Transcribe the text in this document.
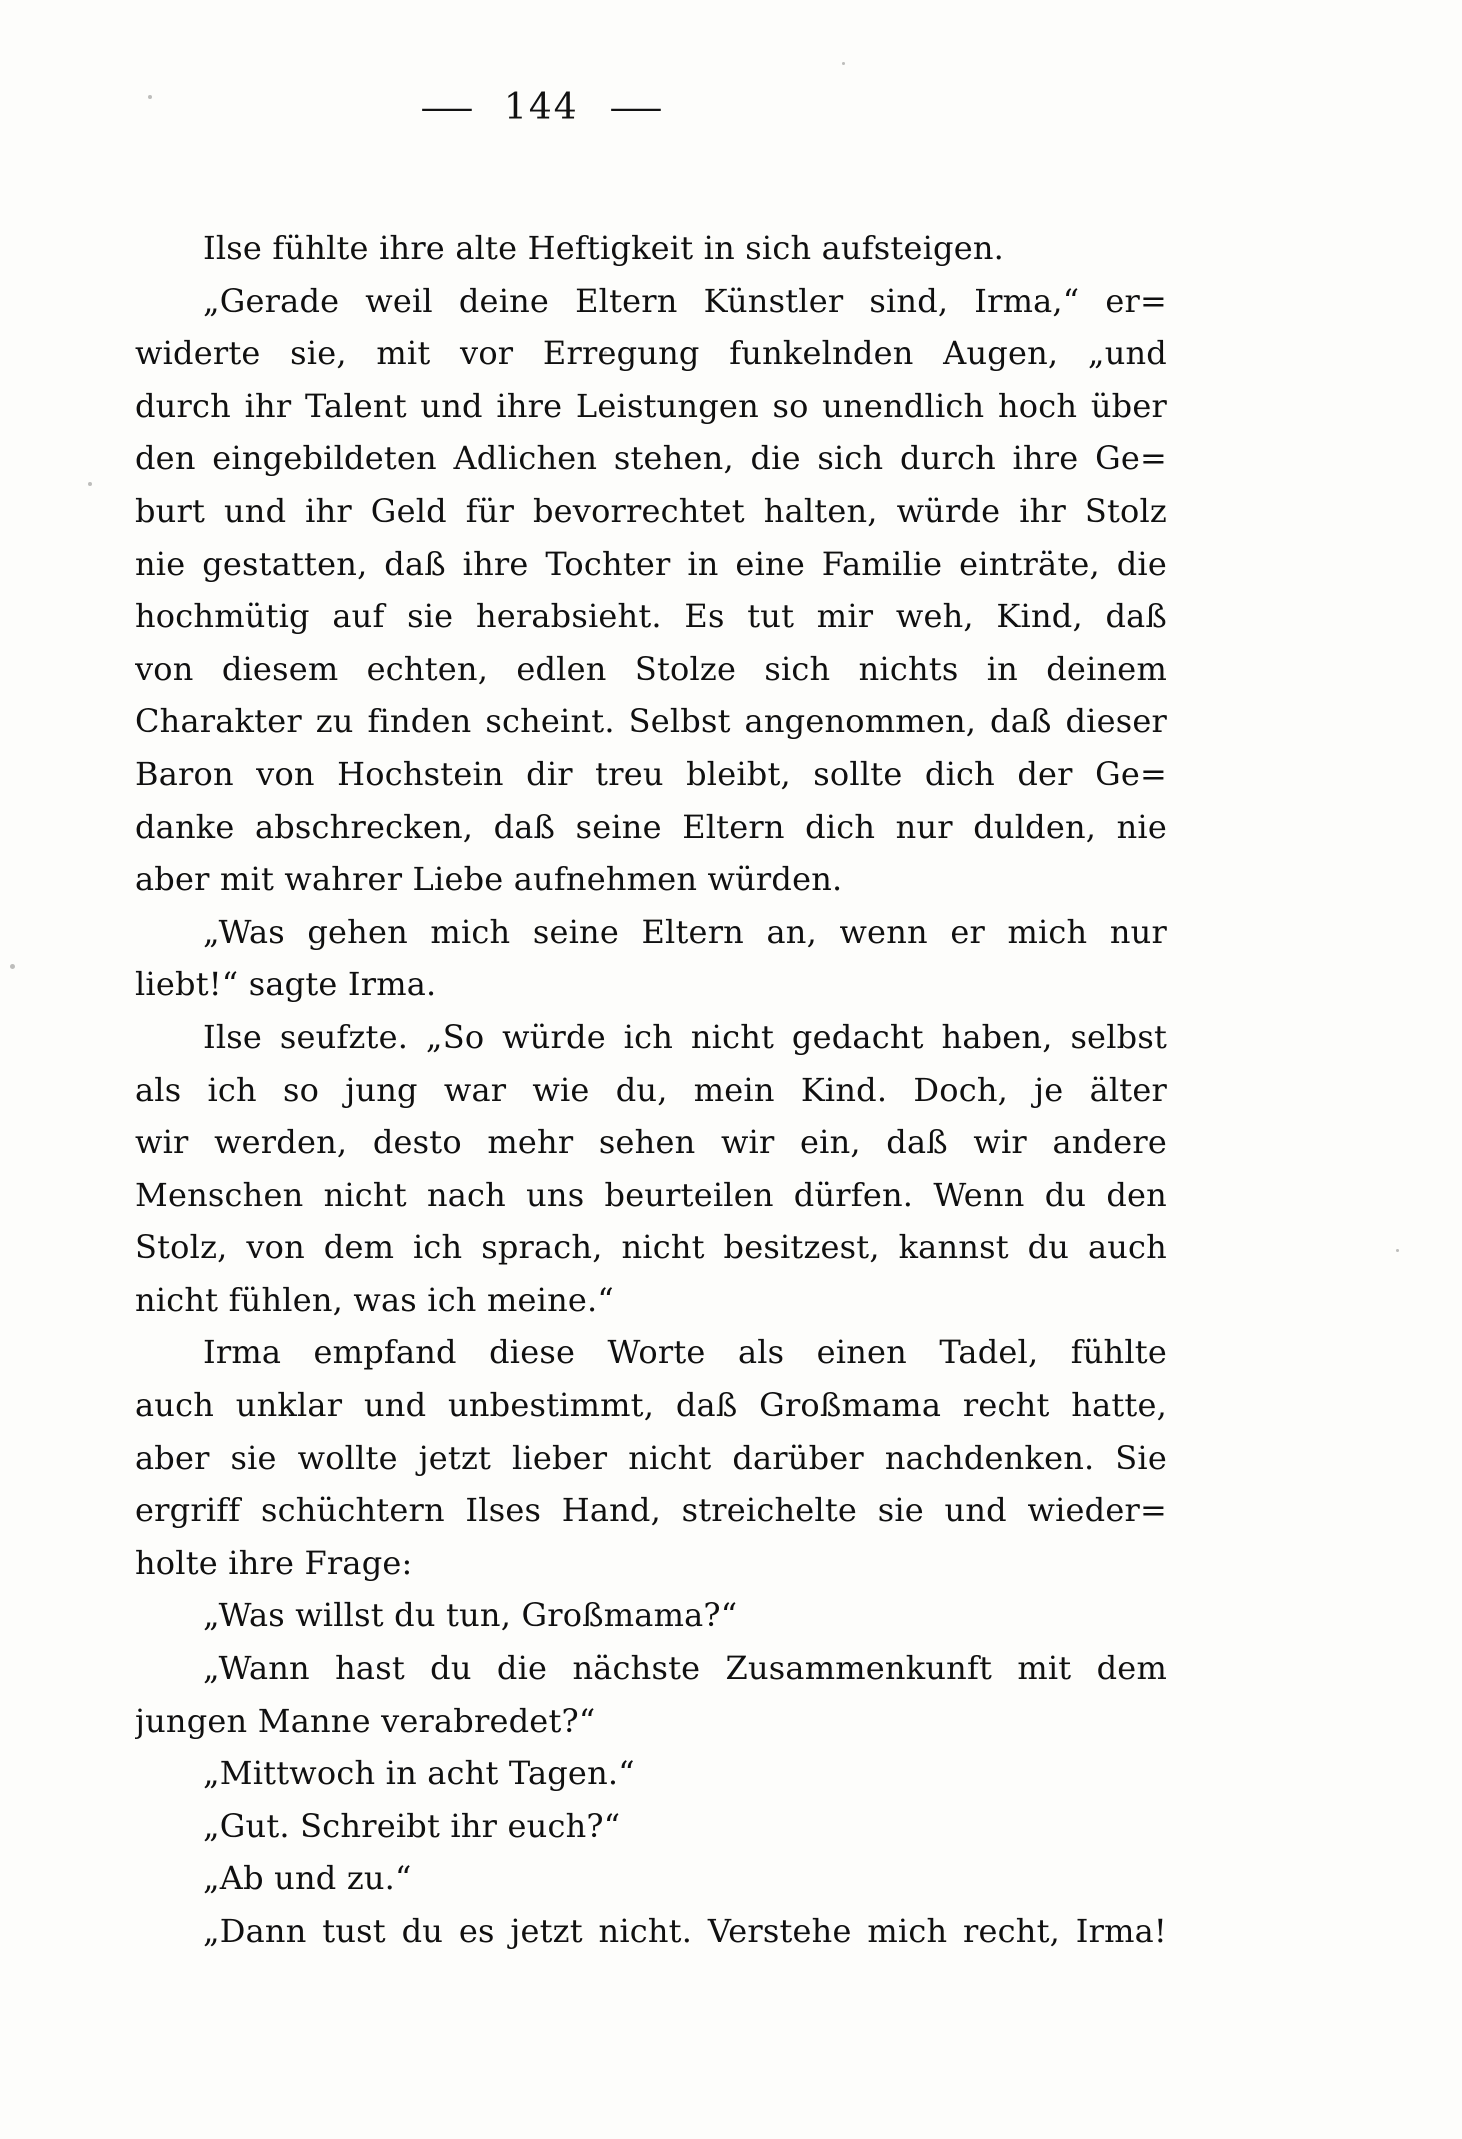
— 144 —
Ilse fühlte ihre alte Heftigkeit in sich aufsteigen.
„Gerade weil deine Eltern Künstler sind, Irma,“ er=
widerte sie, mit vor Erregung funkelnden Augen, „und
durch ihr Talent und ihre Leistungen so unendlich hoch über
den eingebildeten Adlichen stehen, die sich durch ihre Ge=
burt und ihr Geld für bevorrechtet halten, würde ihr Stolz
nie gestatten, daß ihre Tochter in eine Familie einträte, die
hochmütig auf sie herabsieht. Es tut mir weh, Kind, daß
von diesem echten, edlen Stolze sich nichts in deinem
Charakter zu finden scheint. Selbst angenommen, daß dieser
Baron von Hochstein dir treu bleibt, sollte dich der Ge=
danke abschrecken, daß seine Eltern dich nur dulden, nie
aber mit wahrer Liebe aufnehmen würden.
„Was gehen mich seine Eltern an, wenn er mich nur
liebt!“ sagte Irma.
Ilse seufzte. „So würde ich nicht gedacht haben, selbst
als ich so jung war wie du, mein Kind. Doch, je älter
wir werden, desto mehr sehen wir ein, daß wir andere
Menschen nicht nach uns beurteilen dürfen. Wenn du den
Stolz, von dem ich sprach, nicht besitzest, kannst du auch
nicht fühlen, was ich meine.“
Irma empfand diese Worte als einen Tadel, fühlte
auch unklar und unbestimmt, daß Großmama recht hatte,
aber sie wollte jetzt lieber nicht darüber nachdenken. Sie
ergriff schüchtern Ilses Hand, streichelte sie und wieder=
holte ihre Frage:
„Was willst du tun, Großmama?“
„Wann hast du die nächste Zusammenkunft mit dem
jungen Manne verabredet?“
„Mittwoch in acht Tagen.“
„Gut. Schreibt ihr euch?“
„Ab und zu.“
„Dann tust du es jetzt nicht. Verstehe mich recht, Irma!
